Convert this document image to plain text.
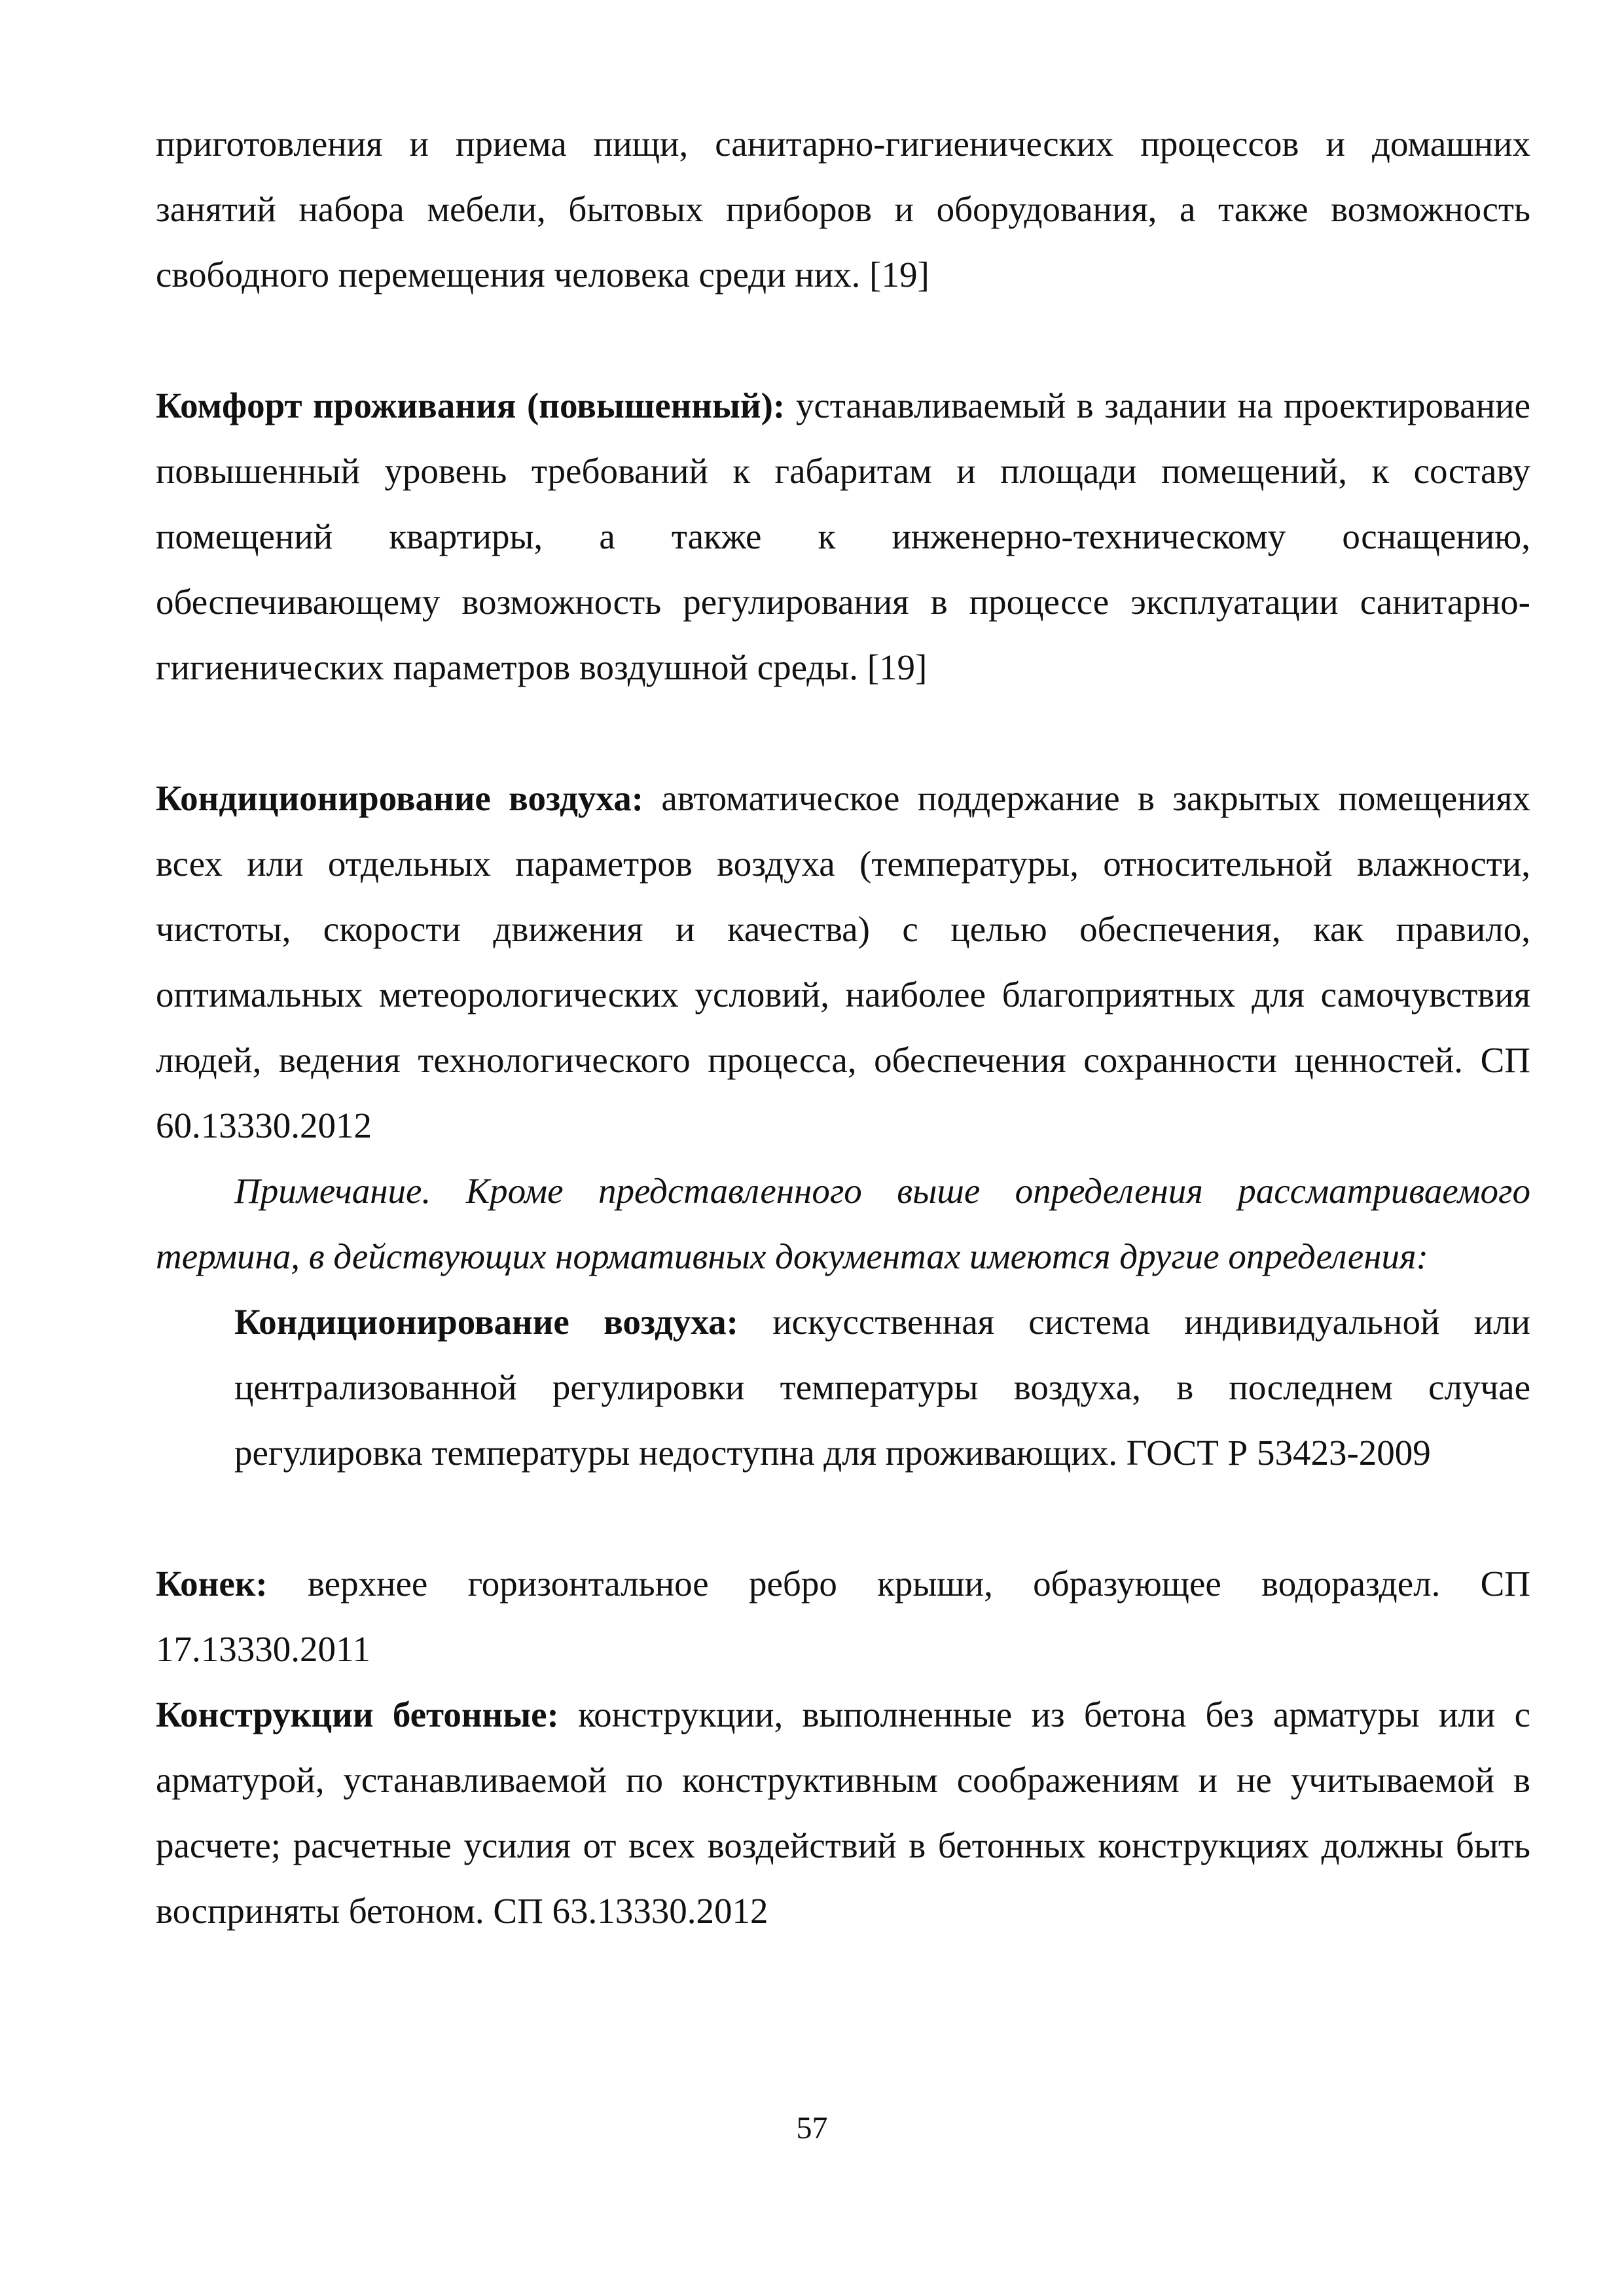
приготовления и приема пищи, санитарно-гигиенических процессов и домашних занятий набора мебели, бытовых приборов и оборудования, а также возможность свободного перемещения человека среди них. [19]

Комфорт проживания (повышенный): устанавливаемый в задании на проектирование повышенный уровень требований к габаритам и площади помещений, к составу помещений квартиры, а также к инженерно-техническому оснащению, обеспечивающему возможность регулирования в процессе эксплуатации санитарно-гигиенических параметров воздушной среды. [19]

Кондиционирование воздуха: автоматическое поддержание в закрытых помещениях всех или отдельных параметров воздуха (температуры, относительной влажности, чистоты, скорости движения и качества) с целью обеспечения, как правило, оптимальных метеорологических условий, наиболее благоприятных для самочувствия людей, ведения технологического процесса, обеспечения сохранности ценностей. СП 60.13330.2012

Примечание. Кроме представленного выше определения рассматриваемого термина, в действующих нормативных документах имеются другие определения:

Кондиционирование воздуха: искусственная система индивидуальной или централизованной регулировки температуры воздуха, в последнем случае регулировка температуры недоступна для проживающих. ГОСТ Р 53423-2009

Конек: верхнее горизонтальное ребро крыши, образующее водораздел. СП 17.13330.2011

Конструкции бетонные: конструкции, выполненные из бетона без арматуры или с арматурой, устанавливаемой по конструктивным соображениям и не учитываемой в расчете; расчетные усилия от всех воздействий в бетонных конструкциях должны быть восприняты бетоном. СП 63.13330.2012

57
